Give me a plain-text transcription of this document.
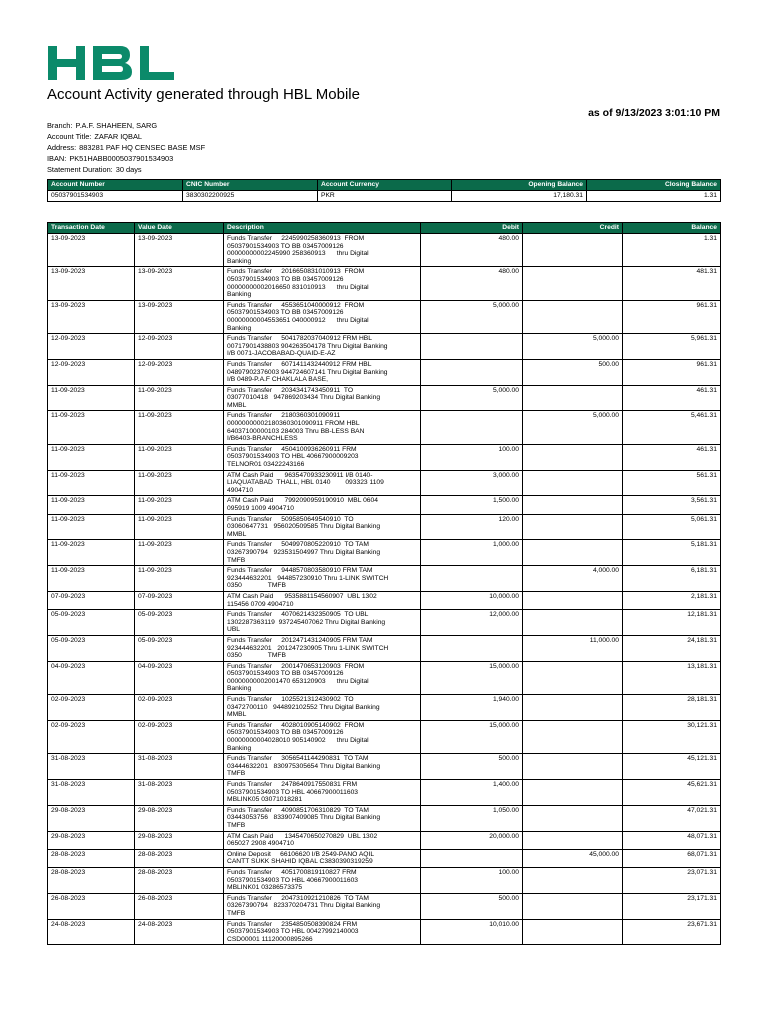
Account Activity generated through HBL Mobile
as of 9/13/2023 3:01:10 PM
Branch: P.A.F. SHAHEEN, SARG
Account Title: ZAFAR IQBAL
Address: 883281 PAF HQ CENSEC BASE MSF
IBAN: PK51HABB0005037901534903
Statement Duration: 30 days
Account Number	CNIC Number	Account Currency	Opening Balance	Closing Balance
05037901534903	3830302200925	PKR	17,180.31	1.31
Transaction Date	Value Date	Description	Debit	Credit	Balance
13-09-2023	13-09-2023	Funds Transfer     2245990258360913  FROM
05037901534903 TO BB 03457009126
00000000002245990 258360913      thru Digital
Banking	480.00		1.31
13-09-2023	13-09-2023	Funds Transfer     2016650831010913  FROM
05037901534903 TO BB 03457009126
00000000002016650 831010913      thru Digital
Banking	480.00		481.31
13-09-2023	13-09-2023	Funds Transfer     4553651040000912  FROM
05037901534903 TO BB 03457009126
00000000004553651 040000912      thru Digital
Banking	5,000.00		961.31
12-09-2023	12-09-2023	Funds Transfer     5041782037040912 FRM HBL
00717901438803 904263504178 Thru Digital Banking
I/B 0071-JACOBABAD-QUAID-E-AZ		5,000.00	5,961.31
12-09-2023	12-09-2023	Funds Transfer     6071411432440912 FRM HBL
04897902376003 944724607141 Thru Digital Banking
I/B 0489-P.A.F CHAKLALA BASE,		500.00	961.31
11-09-2023	11-09-2023	Funds Transfer     2034341743450911  TO
03077010418   947869203434 Thru Digital Banking
MMBL	5,000.00		461.31
11-09-2023	11-09-2023	Funds Transfer     2180360301090911
00000000002180360301090911 FROM HBL
64037100000103 284003 Thru BB-LESS BAN
I/B6403-BRANCHLESS		5,000.00	5,461.31
11-09-2023	11-09-2023	Funds Transfer     4504100936260911 FRM
05037901534903 TO HBL 40667900009203
TELNOR01 03422243166	100.00		461.31
11-09-2023	11-09-2023	ATM Cash Paid      9635470933230911 I/B 0140-
LIAQUATABAD  THALL, HBL 0140        093323 1109
4904710	3,000.00		561.31
11-09-2023	11-09-2023	ATM Cash Paid      7992090959190910  MBL 0604
095919 1009 4904710	1,500.00		3,561.31
11-09-2023	11-09-2023	Funds Transfer     5095850649540910  TO
03060647731   956020509585 Thru Digital Banking
MMBL	120.00		5,061.31
11-09-2023	11-09-2023	Funds Transfer     5049970805220910  TO TAM
03267390794   923531504997 Thru Digital Banking
TMFB	1,000.00		5,181.31
11-09-2023	11-09-2023	Funds Transfer     9448570803580910 FRM TAM
923444632201   944857230910 Thru 1-LINK SWITCH
0350              TMFB		4,000.00	6,181.31
07-09-2023	07-09-2023	ATM Cash Paid      9535881154560907  UBL 1302
115456 0709 4904710	10,000.00		2,181.31
05-09-2023	05-09-2023	Funds Transfer     4070621432350905  TO UBL
1302287363119  937245407062 Thru Digital Banking
UBL	12,000.00		12,181.31
05-09-2023	05-09-2023	Funds Transfer     2012471431240905 FRM TAM
923444632201   201247230905 Thru 1-LINK SWITCH
0350              TMFB		11,000.00	24,181.31
04-09-2023	04-09-2023	Funds Transfer     2001470653120903  FROM
05037901534903 TO BB 03457009126
00000000002001470 653120903      thru Digital
Banking	15,000.00		13,181.31
02-09-2023	02-09-2023	Funds Transfer     1025521312430902  TO
03472700110   944892102552 Thru Digital Banking
MMBL	1,940.00		28,181.31
02-09-2023	02-09-2023	Funds Transfer     4028010905140902  FROM
05037901534903 TO BB 03457009126
00000000004028010 905140902      thru Digital
Banking	15,000.00		30,121.31
31-08-2023	31-08-2023	Funds Transfer     3056541144290831  TO TAM
03444632201   830975305654 Thru Digital Banking
TMFB	500.00		45,121.31
31-08-2023	31-08-2023	Funds Transfer     2478640917550831 FRM
05037901534903 TO HBL 40667900011603
MBLINK05 03071018281	1,400.00		45,621.31
29-08-2023	29-08-2023	Funds Transfer     4090851706310829  TO TAM
03443053756   833907409085 Thru Digital Banking
TMFB	1,050.00		47,021.31
29-08-2023	29-08-2023	ATM Cash Paid      1345470650270829  UBL 1302
065027 2908 4904710	20,000.00		48,071.31
28-08-2023	28-08-2023	Online Deposit     66106620 I/B 2549-PANO AQIL
CANTT SUKK SHAHID IQBAL C3830390319259		45,000.00	68,071.31
28-08-2023	28-08-2023	Funds Transfer     4051700819110827 FRM
05037901534903 TO HBL 40667900011603
MBLINK01 03286573375	100.00		23,071.31
26-08-2023	26-08-2023	Funds Transfer     2047310921210826  TO TAM
03267390794   823370204731 Thru Digital Banking
TMFB	500.00		23,171.31
24-08-2023	24-08-2023	Funds Transfer     2354850508390824 FRM
05037901534903 TO HBL 00427992140003
CSD00001 11120000895266	10,010.00		23,671.31
